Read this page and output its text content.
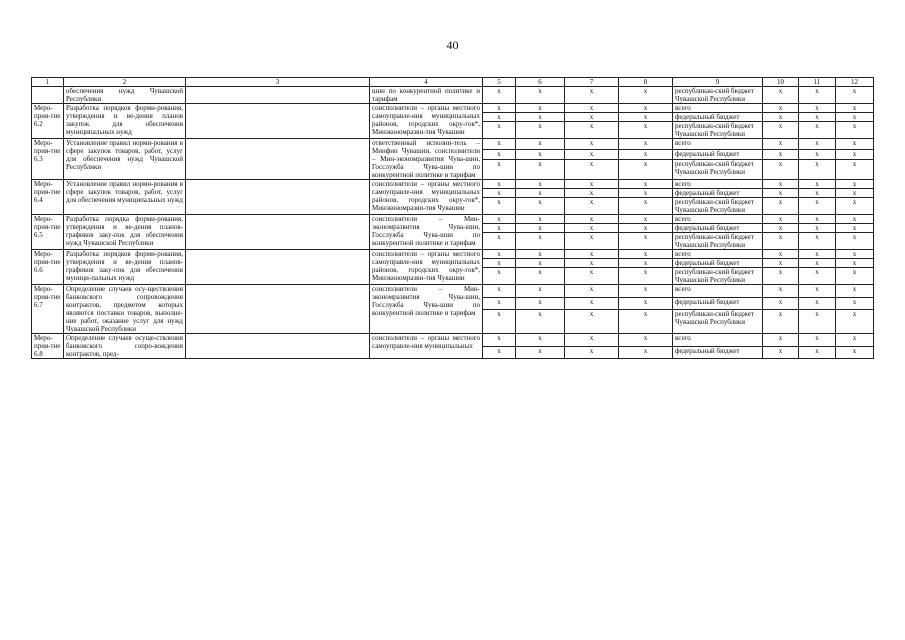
40
1	2	3	4	5	6	7	8	9	10	11	12
	обеспечения нужд Чувашской Республики		шин по конкурентной политике и тарифам	x	x	x	x	республикан-ский бюджет Чувашской Республики	x	x	x
Меро-прия-тие 6.2	Разработка порядков форми-рования, утверждения и ве-дения планов закупок для обеспечения муниципальных нужд		соисполнители – органы местного самоуправле-ния муниципальных районов, городских окру-гов*, Минэкономразви-тия Чувашии	x	x	x	x	всего	x	x	x
				x	x	x	x	федеральный бюджет	x	x	x
				x	x	x	x	республикан-ский бюджет Чувашской Республики	x	x	x
Меро-прия-тие 6.3	Установление правил норми-рования в сфере закупок товаров, работ, услуг для обеспечения нужд Чувашской Республики		ответственный исполни-тель – Минфин Чувашии, соисполнители – Мин-экономразвития Чува-шии, Госслужба Чува-шии по конкурентной политике и тарифам	x	x	x	x	всего	x	x	x
				x	x	x	x	федеральный бюджет	x	x	x
				x	x	x	x	республикан-ский бюджет Чувашской Республики	x	x	x
Меро-прия-тие 6.4	Установление правил норми-рования в сфере закупок товаров, работ, услуг для обеспечения муниципальных нужд		соисполнители – органы местного самоуправле-ния муниципальных районов, городских окру-гов*, Минэкономразви-тия Чувашии	x	x	x	x	всего	x	x	x
				x	x	x	x	федеральный бюджет	x	x	x
				x	x	x	x	республикан-ский бюджет Чувашской Республики	x	x	x
Меро-прия-тие 6.5	Разработка порядка форми-рования, утверждения и ве-дения планов-графиков заку-пок для обеспечения нужд Чувашской Республики		соисполнители – Мин-экономразвития Чува-шии, Госслужба Чува-шии по конкурентной политике и тарифам	x	x	x	x	всего	x	x	x
				x	x	x	x	федеральный бюджет	x	x	x
				x	x	x	x	республикан-ский бюджет Чувашской Республики	x	x	x
Меро-прия-тие 6.6	Разработка порядков форми-рования, утверждения и ве-дения планов-графиков заку-пок для обеспечения муници-пальных нужд		соисполнители – органы местного самоуправле-ния муниципальных районов, городских окру-гов*, Минэкономразви-тия Чувашии	x	x	x	x	всего	x	x	x
				x	x	x	x	федеральный бюджет	x	x	x
				x	x	x	x	республикан-ский бюджет Чувашской Республики	x	x	x
Меро-прия-тие 6.7	Определение случаев осу-ществления банковского сопровождения контрактов, предметом которых являются поставки товаров, выполне-ние работ, оказание услуг для нужд Чувашской Республики		соисполнители – Мин-экономразвития Чува-шии, Госслужба Чува-шии по конкурентной политике и тарифам	x	x	x	x	всего	x	x	x
				x	x	x	x	федеральный бюджет	x	x	x
				x	x	x	x	республикан-ский бюджет Чувашской Республики	x	x	x
Меро-прия-тие 6.8	Определение случаев осуще-ствления банковского сопро-вождения контрактов, пред-		соисполнители – органы местного самоуправле-ния муниципальных	x	x	x	x	всего	x	x	x
				x	x	x	x	федеральный бюджет	x	x	x
